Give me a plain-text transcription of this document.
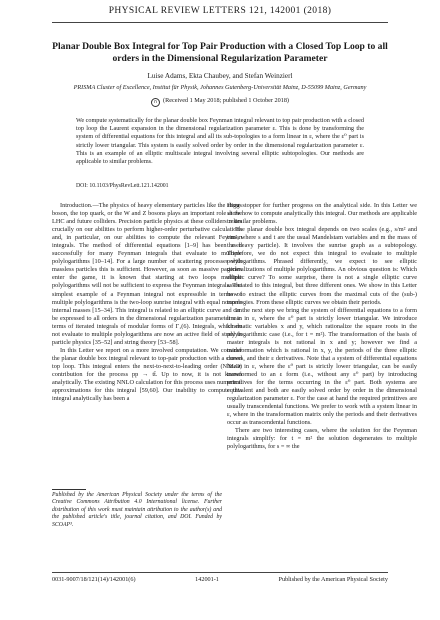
PHYSICAL REVIEW LETTERS 121, 142001 (2018)
Planar Double Box Integral for Top Pair Production with a Closed Top Loop to all orders in the Dimensional Regularization Parameter
Luise Adams, Ekta Chaubey, and Stefan Weinzierl
PRISMA Cluster of Excellence, Institut für Physik, Johannes Gutenberg-Universität Mainz, D-55099 Mainz, Germany
∩ (Received 1 May 2018; published 1 October 2018)
We compute systematically for the planar double box Feynman integral relevant to top pair production with a closed top loop the Laurent expansion in the dimensional regularization parameter ε. This is done by transforming the system of differential equations for this integral and all its sub-topologies to a form linear in ε, where the ε⁰ part is strictly lower triangular. This system is easily solved order by order in the dimensional regularization parameter ε. This is an example of an elliptic multiscale integral involving several elliptic subtopologies. Our methods are applicable to similar problems.
DOI: 10.1103/PhysRevLett.121.142001

Introduction.—The physics of heavy elementary particles like the Higgs boson, the top quark, or the W and Z bosons plays an important role at the LHC and future colliders. Precision particle physics at these colliders relies crucially on our abilities to perform higher-order perturbative calculations and, in particular, on our abilities to compute the relevant Feynman integrals. The method of differential equations [1–9] has been used successfully for many Feynman integrals that evaluate to multiple polylogarithms [10–14]. For a large number of scattering processes with massless particles this is sufficient. However, as soon as massive particles enter the game, it is known that starting at two loops multiple polylogarithms will not be sufficient to express the Feynman integrals. The simplest example of a Feynman integral not expressible in terms of multiple polylogarithms is the two-loop sunrise integral with equal nonzero internal masses [15–34]. This integral is related to an elliptic curve and can be expressed to all orders in the dimensional regularization parameter ε in terms of iterated integrals of modular forms of Γ₁(6). Integrals, which do not evaluate to multiple polylogarithms are now an active field of study in particle physics [35–52] and string theory [53–58].

In this Letter we report on a more involved computation. We consider the planar double box integral relevant to top-pair production with a closed top loop. This integral enters the next-to-next-to-leading order (NNLO) contribution for the process pp → tt̄. Up to now, it is not known analytically. The existing NNLO calculation for this process uses numerical approximations for this integral [59,60]. Our inability to compute this integral analytically has been a

show stopper for further progress on the analytical side. In this Letter we show how to compute analytically this integral. Our methods are applicable to similar problems.

The planar double box integral depends on two scales (e.g., s/m² and t/m², where s and t are the usual Mandelstam variables and m the mass of the heavy particle). It involves the sunrise graph as a subtopology. Therefore, we do not expect this integral to evaluate to multiple polylogarithms. Phrased differently, we expect to see elliptic generalizations of multiple polylogarithms. An obvious question is: Which elliptic curve? To some surprise, there is not a single elliptic curve associated to this integral, but three different ones. We show in this Letter how to extract the elliptic curves from the maximal cuts of the (sub-) topologies. From these elliptic curves we obtain their periods.

In the next step we bring the system of differential equations to a form linear in ε, where the ε⁰ part is strictly lower triangular. We introduce kinematic variables x and y, which rationalize the square roots in the polylogarithmic case (i.e., for t = m²). The transformation of the basis of master integrals is not rational in x and y; however we find a transformation which is rational in x, y, the periods of the three elliptic curves, and their ε derivatives. Note that a system of differential equations linear in ε, where the ε⁰ part is strictly lower triangular, can be easily transformed to an ε form (i.e., without any ε⁰ part) by introducing primitives for the terms occurring in the ε⁰ part. Both systems are equivalent and both are easily solved order by order in the dimensional regularization parameter ε. For the case at hand the required primitives are usually transcendental functions. We prefer to work with a system linear in ε, where in the transformation matrix only the periods and their derivatives occur as transcendental functions.

There are two interesting cases, where the solution for the Feynman integrals simplify: for t = m² the solution degenerates to multiple polylogarithms, for s = ∞ the

Published by the American Physical Society under the terms of the Creative Commons Attribution 4.0 International license. Further distribution of this work must maintain attribution to the author(s) and the published article's title, journal citation, and DOI. Funded by SCOAP³.
0031-9007/18/121(14)/142001(6)	142001-1	Published by the American Physical Society
